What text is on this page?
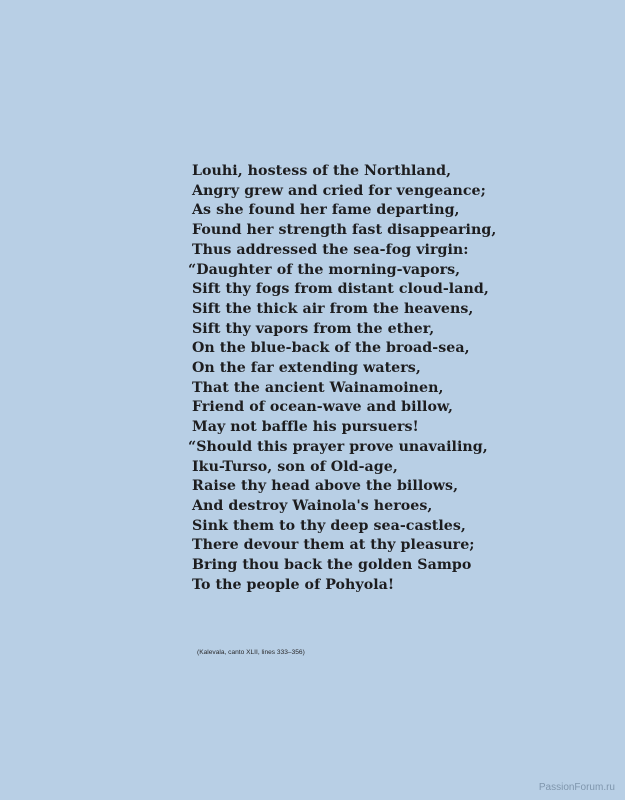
Louhi, hostess of the Northland,
Angry grew and cried for vengeance;
As she found her fame departing,
Found her strength fast disappearing,
Thus addressed the sea-fog virgin:
“Daughter of the morning-vapors,
Sift thy fogs from distant cloud-land,
Sift the thick air from the heavens,
Sift thy vapors from the ether,
On the blue-back of the broad-sea,
On the far extending waters,
That the ancient Wainamoinen,
Friend of ocean-wave and billow,
May not baffle his pursuers!
“Should this prayer prove unavailing,
Iku-Turso, son of Old-age,
Raise thy head above the billows,
And destroy Wainola's heroes,
Sink them to thy deep sea-castles,
There devour them at thy pleasure;
Bring thou back the golden Sampo
To the people of Pohyola!
(Kalevala, canto XLII, lines 333–356)
PassionForum.ru
